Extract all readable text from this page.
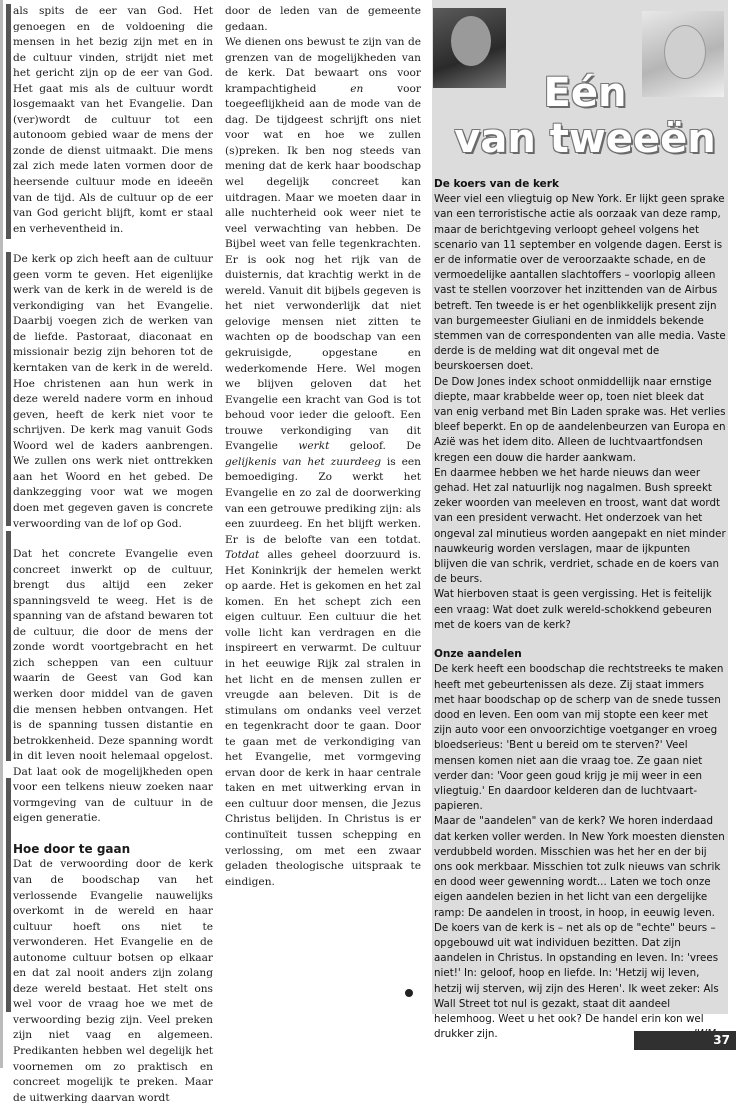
als spits de eer van God. Het genoegen en de voldoening die mensen in het bezig zijn met en in de cultuur vinden, strijdt niet met het gericht zijn op de eer van God. Het gaat mis als de cultuur wordt losgemaakt van het Evangelie. Dan (ver)wordt de cultuur tot een autonoom gebied waar de mens der zonde de dienst uitmaakt. Die mens zal zich mede laten vormen door de heersende cultuur mode en ideeën van de tijd. Als de cultuur op de eer van God gericht blijft, komt er staal en verheventheid in.

De kerk op zich heeft aan de cultuur geen vorm te geven. Het eigenlijke werk van de kerk in de wereld is de verkondiging van het Evangelie. Daarbij voegen zich de werken van de liefde. Pastoraat, diaconaat en missionair bezig zijn behoren tot de kerntaken van de kerk in de wereld. Hoe christenen aan hun werk in deze wereld nadere vorm en inhoud geven, heeft de kerk niet voor te schrijven. De kerk mag vanuit Gods Woord wel de kaders aanbrengen. We zullen ons werk niet onttrekken aan het Woord en het gebed. De dankzegging voor wat we mogen doen met gegeven gaven is concrete verwoording van de lof op God.

Dat het concrete Evangelie even concreet inwerkt op de cultuur, brengt dus altijd een zeker spanningsveld te weeg. Het is de spanning van de afstand bewaren tot de cultuur, die door de mens der zonde wordt voortgebracht en het zich scheppen van een cultuur waarin de Geest van God kan werken door middel van de gaven die mensen hebben ontvangen. Het is de spanning tussen distantie en betrokkenheid. Deze spanning wordt in dit leven nooit helemaal opgelost. Dat laat ook de mogelijkheden open voor een telkens nieuw zoeken naar vormgeving van de cultuur in de eigen generatie.

Hoe door te gaan

Dat de verwoording door de kerk van de boodschap van het verlossende Evangelie nauwelijks overkomt in de wereld en haar cultuur hoeft ons niet te verwonderen. Het Evangelie en de autonome cultuur botsen op elkaar en dat zal nooit anders zijn zolang deze wereld bestaat. Het stelt ons wel voor de vraag hoe we met de verwoording bezig zijn. Veel preken zijn niet vaag en algemeen. Predikanten hebben wel degelijk het voornemen om zo praktisch en concreet mogelijk te preken. Maar de uitwerking daarvan wordt

door de leden van de gemeente gedaan.

We dienen ons bewust te zijn van de grenzen van de mogelijkheden van de kerk. Dat bewaart ons voor krampachtigheid en voor toegeeflijkheid aan de mode van de dag. De tijdgeest schrijft ons niet voor wat en hoe we zullen (s)preken. Ik ben nog steeds van mening dat de kerk haar boodschap wel degelijk concreet kan uitdragen. Maar we moeten daar in alle nuchterheid ook weer niet te veel verwachting van hebben. De Bijbel weet van felle tegenkrachten. Er is ook nog het rijk van de duisternis, dat krachtig werkt in de wereld. Vanuit dit bijbels gegeven is het niet verwonderlijk dat niet gelovige mensen niet zitten te wachten op de boodschap van een gekruisigde, opgestane en wederkomende Here. Wel mogen we blijven geloven dat het Evangelie een kracht van God is tot behoud voor ieder die gelooft. Een trouwe verkondiging van dit Evangelie werkt geloof. De gelijkenis van het zuurdeeg is een bemoediging. Zo werkt het Evangelie en zo zal de doorwerking van een getrouwe prediking zijn: als een zuurdeeg. En het blijft werken. Er is de belofte van een totdat. Totdat alles geheel doorzuurd is. Het Koninkrijk der hemelen werkt op aarde. Het is gekomen en het zal komen. En het schept zich een eigen cultuur. Een cultuur die het volle licht kan verdragen en die inspireert en verwarmt. De cultuur in het eeuwige Rijk zal stralen in het licht en de mensen zullen er vreugde aan beleven. Dit is de stimulans om ondanks veel verzet en tegenkracht door te gaan. Door te gaan met de verkondiging van het Evangelie, met vormgeving ervan door de kerk in haar centrale taken en met uitwerking ervan in een cultuur door mensen, die Jezus Christus belijden. In Christus is er continuïteit tussen schepping en verlossing, om met een zwaar geladen theologische uitspraak te eindigen.

Eén
van tweeën
De koers van de kerk

Weer viel een vliegtuig op New York. Er lijkt geen sprake van een terroristische actie als oorzaak van deze ramp, maar de berichtgeving verloopt geheel volgens het scenario van 11 september en volgende dagen. Eerst is er de informatie over de veroorzaakte schade, en de vermoedelijke aantallen slachtoffers – voorlopig alleen vast te stellen voorzover het inzittenden van de Airbus betreft. Ten tweede is er het ogenblikkelijk present zijn van burgemeester Giuliani en de inmiddels bekende stemmen van de correspondenten van alle media. Vaste derde is de melding wat dit ongeval met de beurskoersen doet.

De Dow Jones index schoot onmiddellijk naar ernstige diepte, maar krabbelde weer op, toen niet bleek dat van enig verband met Bin Laden sprake was. Het verlies bleef beperkt. En op de aandelenbeurzen van Europa en Azië was het idem dito. Alleen de luchtvaartfondsen kregen een douw die harder aankwam.

En daarmee hebben we het harde nieuws dan weer gehad. Het zal natuurlijk nog nagalmen. Bush spreekt zeker woorden van meeleven en troost, want dat wordt van een president verwacht. Het onderzoek van het ongeval zal minutieus worden aangepakt en niet minder nauwkeurig worden verslagen, maar de ijkpunten blijven die van schrik, verdriet, schade en de koers van de beurs.

Wat hierboven staat is geen vergissing. Het is feitelijk een vraag: Wat doet zulk wereld-schokkend gebeuren met de koers van de kerk?

Onze aandelen

De kerk heeft een boodschap die rechtstreeks te maken heeft met gebeurtenissen als deze. Zij staat immers met haar boodschap op de scherp van de snede tussen dood en leven. Een oom van mij stopte een keer met zijn auto voor een onvoorzichtige voetganger en vroeg bloedserieus: 'Bent u bereid om te sterven?' Veel mensen komen niet aan die vraag toe. Ze gaan niet verder dan: 'Voor geen goud krijg je mij weer in een vliegtuig.' En daardoor kelderen dan de luchtvaart-papieren.

Maar de "aandelen" van de kerk? We horen inderdaad dat kerken voller werden. In New York moesten diensten verdubbeld worden. Misschien was het her en der bij ons ook merkbaar. Misschien tot zulk nieuws van schrik en dood weer gewenning wordt... Laten we toch onze eigen aandelen bezien in het licht van een dergelijke ramp: De aandelen in troost, in hoop, in eeuwig leven.

De koers van de kerk is – net als op de "echte" beurs – opgebouwd uit wat individuen bezitten. Dat zijn aandelen in Christus. In opstanding en leven. In: 'vrees niet!' In: geloof, hoop en liefde. In: 'Hetzij wij leven, hetzij wij sterven, wij zijn des Heren'. Ik weet zeker: Als Wall Street tot nul is gezakt, staat dit aandeel helemhoog. Weet u het ook? De handel erin kon wel

drukker zijn.	37
